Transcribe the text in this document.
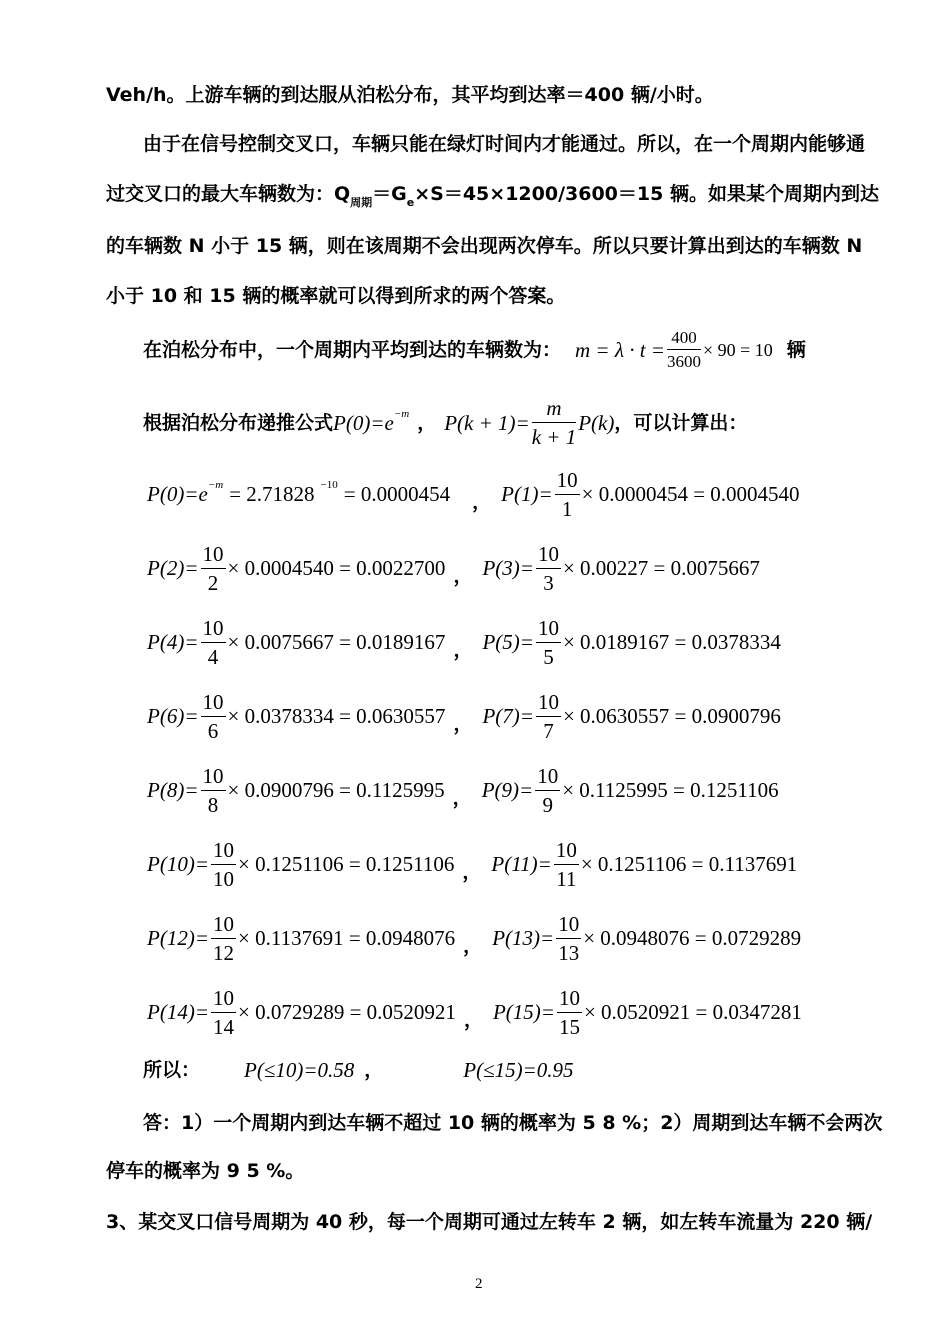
Veh/h。上游车辆的到达服从泊松分布，其平均到达率＝400 辆/小时。
由于在信号控制交叉口，车辆只能在绿灯时间内才能通过。所以，在一个周期内能够通
过交叉口的最大车辆数为：$Q_{周期}=G_e\times S=45\times 1200/3600=15$ 辆。如果某个周期内到达
的车辆数 N 小于 15 辆，则在该周期不会出现两次停车。所以只要计算出到达的车辆数 N
小于 10 和 15 辆的概率就可以得到所求的两个答案。
在泊松分布中，一个周期内平均到达的车辆数为： $m = \lambda \cdot t = \frac{400}{3600} \times 90 = 10$ 辆
根据泊松分布递推公式 P(0)= e −m ， $P(k + 1)= \frac{m}{k + 1} P(k)$ ，可以计算出：
P(0)= e −m = 2.71828 −10 = 0.0000454 ， $P(1)= \frac{10}{1} \times 0.0000454 = 0.0004540$
$P(2)= \frac{10}{2} \times 0.0004540 = 0.0022700$ ， $P(3)= \frac{10}{3} \times 0.00227 = 0.0075667$
$P(4)= \frac{10}{4} \times 0.0075667 = 0.0189167$ ， $P(5)= \frac{10}{5} \times 0.0189167 = 0.0378334$
$P(6)= \frac{10}{6} \times 0.0378334 = 0.0630557$ ， $P(7)= \frac{10}{7} \times 0.0630557 = 0.0900796$
$P(8)= \frac{10}{8} \times 0.0900796 = 0.1125995$ ， $P(9)= \frac{10}{9} \times 0.1125995 = 0.1251106$
$P(10)= \frac{10}{10} \times 0.1251106 = 0.1251106$ ， $P(11)= \frac{10}{11} \times 0.1251106 = 0.1137691$
$P(12)= \frac{10}{12} \times 0.1137691 = 0.0948076$ ， $P(13)= \frac{10}{13} \times 0.0948076 = 0.0729289$
$P(14)= \frac{10}{14} \times 0.0729289 = 0.0520921$ ， $P(15)= \frac{10}{15} \times 0.0520921 = 0.0347281$
所以： P(≤10)=0.58 ，	P(≤15)=0.95
答：1）一个周期内到达车辆不超过 10 辆的概率为 5 8 %；2）周期到达车辆不会两次
停车的概率为 9 5 %。
3、某交叉口信号周期为 40 秒，每一个周期可通过左转车 2 辆，如左转车流量为 220 辆/
2
